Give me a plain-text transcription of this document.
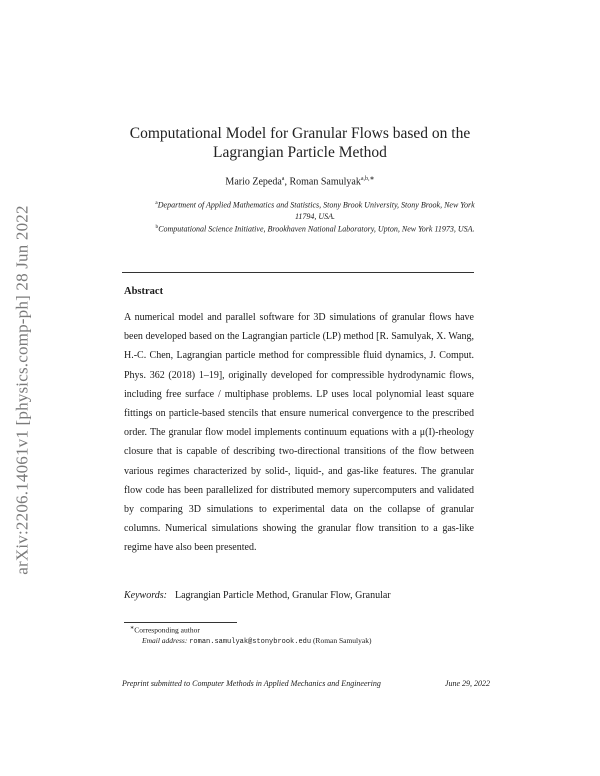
arXiv:2206.14061v1 [physics.comp-ph] 28 Jun 2022
Computational Model for Granular Flows based on the
Lagrangian Particle Method
Mario Zepeda$^a$, Roman Samulyak$^{a,b,∗}$
$^a$Department of Applied Mathematics and Statistics, Stony Brook University, Stony Brook, New York 11794, USA.
$^b$Computational Science Initiative, Brookhaven National Laboratory, Upton, New York 11973, USA.
Abstract
A numerical model and parallel software for 3D simulations of granular flows have been developed based on the Lagrangian particle (LP) method [R. Samulyak, X. Wang, H.-C. Chen, Lagrangian particle method for compressible fluid dynamics, J. Comput. Phys. 362 (2018) 1–19], originally developed for compressible hydrodynamic flows, including free surface / multiphase problems. LP uses local polynomial least square fittings on particle-based stencils that ensure numerical convergence to the prescribed order. The granular flow model implements continuum equations with a μ(I)-rheology closure that is capable of describing two-directional transitions of the flow between various regimes characterized by solid-, liquid-, and gas-like features. The granular flow code has been parallelized for distributed memory supercomputers and validated by comparing 3D simulations to experimental data on the collapse of granular columns. Numerical simulations showing the granular flow transition to a gas-like regime have also been presented.
Keywords: Lagrangian Particle Method, Granular Flow, Granular
∗Corresponding author
Email address: roman.samulyak@stonybrook.edu (Roman Samulyak)
Preprint submitted to Computer Methods in Applied Mechanics and Engineering	June 29, 2022
